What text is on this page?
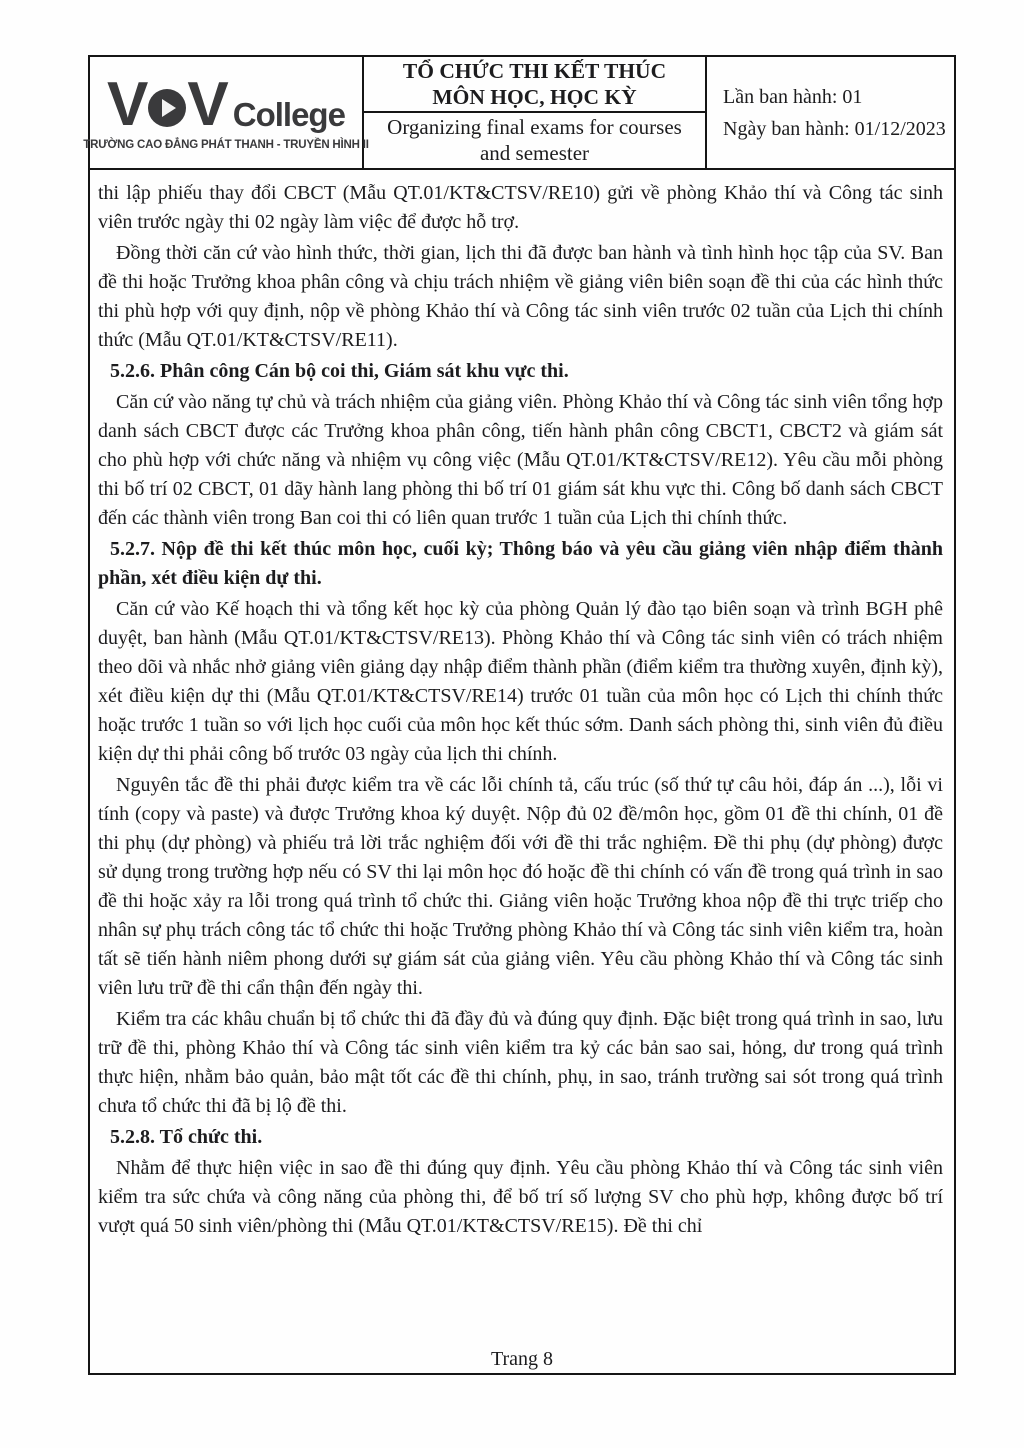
V V College
TRƯỜNG CAO ĐẲNG PHÁT THANH - TRUYỀN HÌNH II
TỔ CHỨC THI KẾT THÚC
MÔN HỌC, HỌC KỲ
Organizing final exams for courses
and semester
Lần ban hành: 01
Ngày ban hành: 01/12/2023

thi lập phiếu thay đổi CBCT (Mẫu QT.01/KT&CTSV/RE10) gửi về phòng Khảo thí và Công tác sinh viên trước ngày thi 02 ngày làm việc để được hỗ trợ.

Đồng thời căn cứ vào hình thức, thời gian, lịch thi đã được ban hành và tình hình học tập của SV. Ban đề thi hoặc Trưởng khoa phân công và chịu trách nhiệm về giảng viên biên soạn đề thi của các hình thức thi phù hợp với quy định, nộp về phòng Khảo thí và Công tác sinh viên trước 02 tuần của Lịch thi chính thức (Mẫu QT.01/KT&CTSV/RE11).

5.2.6. Phân công Cán bộ coi thi, Giám sát khu vực thi.

Căn cứ vào năng tự chủ và trách nhiệm của giảng viên. Phòng Khảo thí và Công tác sinh viên tổng hợp danh sách CBCT được các Trưởng khoa phân công, tiến hành phân công CBCT1, CBCT2 và giám sát cho phù hợp với chức năng và nhiệm vụ công việc (Mẫu QT.01/KT&CTSV/RE12). Yêu cầu mỗi phòng thi bố trí 02 CBCT, 01 dãy hành lang phòng thi bố trí 01 giám sát khu vực thi. Công bố danh sách CBCT đến các thành viên trong Ban coi thi có liên quan trước 1 tuần của Lịch thi chính thức.

5.2.7. Nộp đề thi kết thúc môn học, cuối kỳ; Thông báo và yêu cầu giảng viên nhập điểm thành phần, xét điều kiện dự thi.

Căn cứ vào Kế hoạch thi và tổng kết học kỳ của phòng Quản lý đào tạo biên soạn và trình BGH phê duyệt, ban hành (Mẫu QT.01/KT&CTSV/RE13). Phòng Khảo thí và Công tác sinh viên có trách nhiệm theo dõi và nhắc nhở giảng viên giảng dạy nhập điểm thành phần (điểm kiểm tra thường xuyên, định kỳ), xét điều kiện dự thi (Mẫu QT.01/KT&CTSV/RE14) trước 01 tuần của môn học có Lịch thi chính thức hoặc trước 1 tuần so với lịch học cuối của môn học kết thúc sớm. Danh sách phòng thi, sinh viên đủ điều kiện dự thi phải công bố trước 03 ngày của lịch thi chính.

Nguyên tắc đề thi phải được kiểm tra về các lỗi chính tả, cấu trúc (số thứ tự câu hỏi, đáp án ...), lỗi vi tính (copy và paste) và được Trưởng khoa ký duyệt. Nộp đủ 02 đề/môn học, gồm 01 đề thi chính, 01 đề thi phụ (dự phòng) và phiếu trả lời trắc nghiệm đối với đề thi trắc nghiệm. Đề thi phụ (dự phòng) được sử dụng trong trường hợp nếu có SV thi lại môn học đó hoặc đề thi chính có vấn đề trong quá trình in sao đề thi hoặc xảy ra lỗi trong quá trình tổ chức thi. Giảng viên hoặc Trưởng khoa nộp đề thi trực triếp cho nhân sự phụ trách công tác tổ chức thi hoặc Trưởng phòng Khảo thí và Công tác sinh viên kiểm tra, hoàn tất sẽ tiến hành niêm phong dưới sự giám sát của giảng viên. Yêu cầu phòng Khảo thí và Công tác sinh viên lưu trữ đề thi cẩn thận đến ngày thi.

Kiểm tra các khâu chuẩn bị tổ chức thi đã đầy đủ và đúng quy định. Đặc biệt trong quá trình in sao, lưu trữ đề thi, phòng Khảo thí và Công tác sinh viên kiểm tra kỷ các bản sao sai, hỏng, dư trong quá trình thực hiện, nhằm bảo quản, bảo mật tốt các đề thi chính, phụ, in sao, tránh trường sai sót trong quá trình chưa tổ chức thi đã bị lộ đề thi.

5.2.8. Tổ chức thi.

Nhằm để thực hiện việc in sao đề thi đúng quy định. Yêu cầu phòng Khảo thí và Công tác sinh viên kiểm tra sức chứa và công năng của phòng thi, để bố trí số lượng SV cho phù hợp, không được bố trí vượt quá 50 sinh viên/phòng thi (Mẫu QT.01/KT&CTSV/RE15). Đề thi chỉ

Trang 8
